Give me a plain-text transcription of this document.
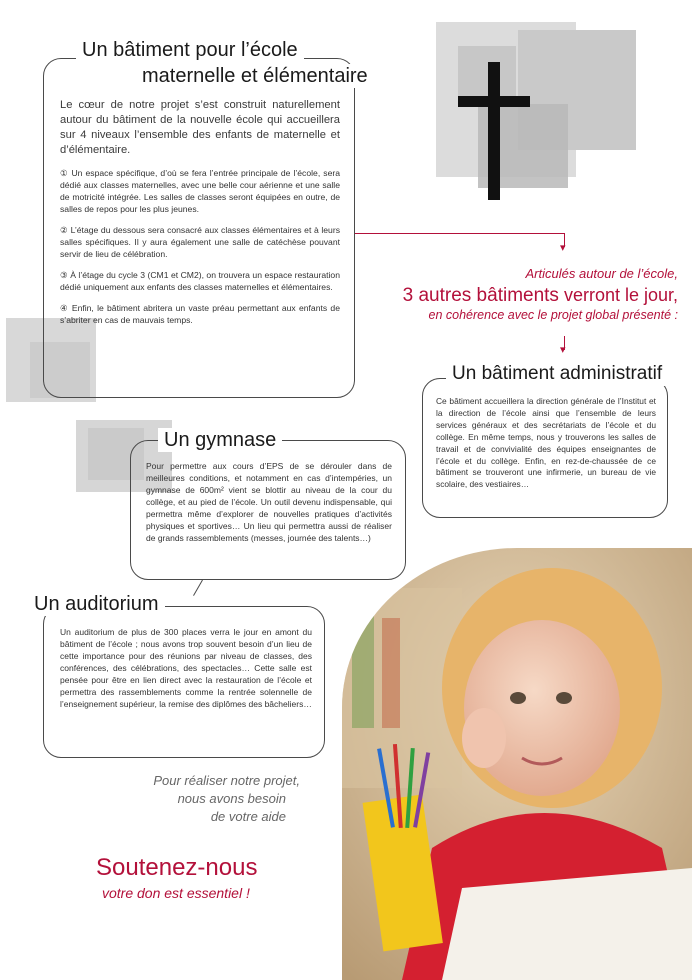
Un bâtiment pour l’école
maternelle et élémentaire

Le cœur de notre projet s’est construit naturellement autour du bâtiment de la nouvelle école qui accueillera sur 4 niveaux l’ensemble des enfants de maternelle et d’élémentaire.

① Un espace spécifique, d’où se fera l’entrée principale de l’école, sera dédié aux classes maternelles, avec une belle cour aérienne et une salle de motricité intégrée. Les salles de classes seront équipées en outre, de salles de repos pour les plus jeunes.

② L’étage du dessous sera consacré aux classes élémentaires et à leurs salles spécifiques. Il y aura également une salle de catéchèse pouvant servir de lieu de célébration.

③ À l’étage du cycle 3 (CM1 et CM2), on trouvera un espace restauration dédié uniquement aux enfants des classes maternelles et élémentaires.

④ Enfin, le bâtiment abritera un vaste préau permettant aux enfants de s’abriter en cas de mauvais temps.

▾
Articulés autour de l’école,
3 autres bâtiments verront le jour,
en cohérence avec le projet global présenté :
▾
Un bâtiment administratif
Ce bâtiment accueillera la direction générale de l’Institut et la direction de l’école ainsi que l’ensemble de leurs services généraux et des secrétariats de l’école et du collège. En même temps, nous y trouverons les salles de travail et de convivialité des équipes enseignantes de l’école et du collège. Enfin, en rez-de-chaussée de ce bâtiment se trouveront une infirmerie, un bureau de vie scolaire, des vestiaires…
Un gymnase
Pour permettre aux cours d’EPS de se dérouler dans de meilleures conditions, et notamment en cas d’intempéries, un gymnase de 600m² vient se blottir au niveau de la cour du collège, et au pied de l’école. Un outil devenu indispensable, qui permettra même d’explorer de nouvelles pratiques d’activités physiques et sportives… Un lieu qui permettra aussi de réaliser de grands rassemblements (messes, journée des talents…)
Un auditorium
Un auditorium de plus de 300 places verra le jour en amont du bâtiment de l’école ; nous avons trop souvent besoin d’un lieu de cette importance pour des réunions par niveau de classes, des conférences, des célébrations, des spectacles… Cette salle est pensée pour être en lien direct avec la restauration de l’école et permettra des rassemblements comme la rentrée solennelle de l’enseignement supérieur, la remise des diplômes des bâcheliers…
Pour réaliser notre projet,
nous avons besoin
de votre aide
Soutenez-nous
votre don est essentiel !
